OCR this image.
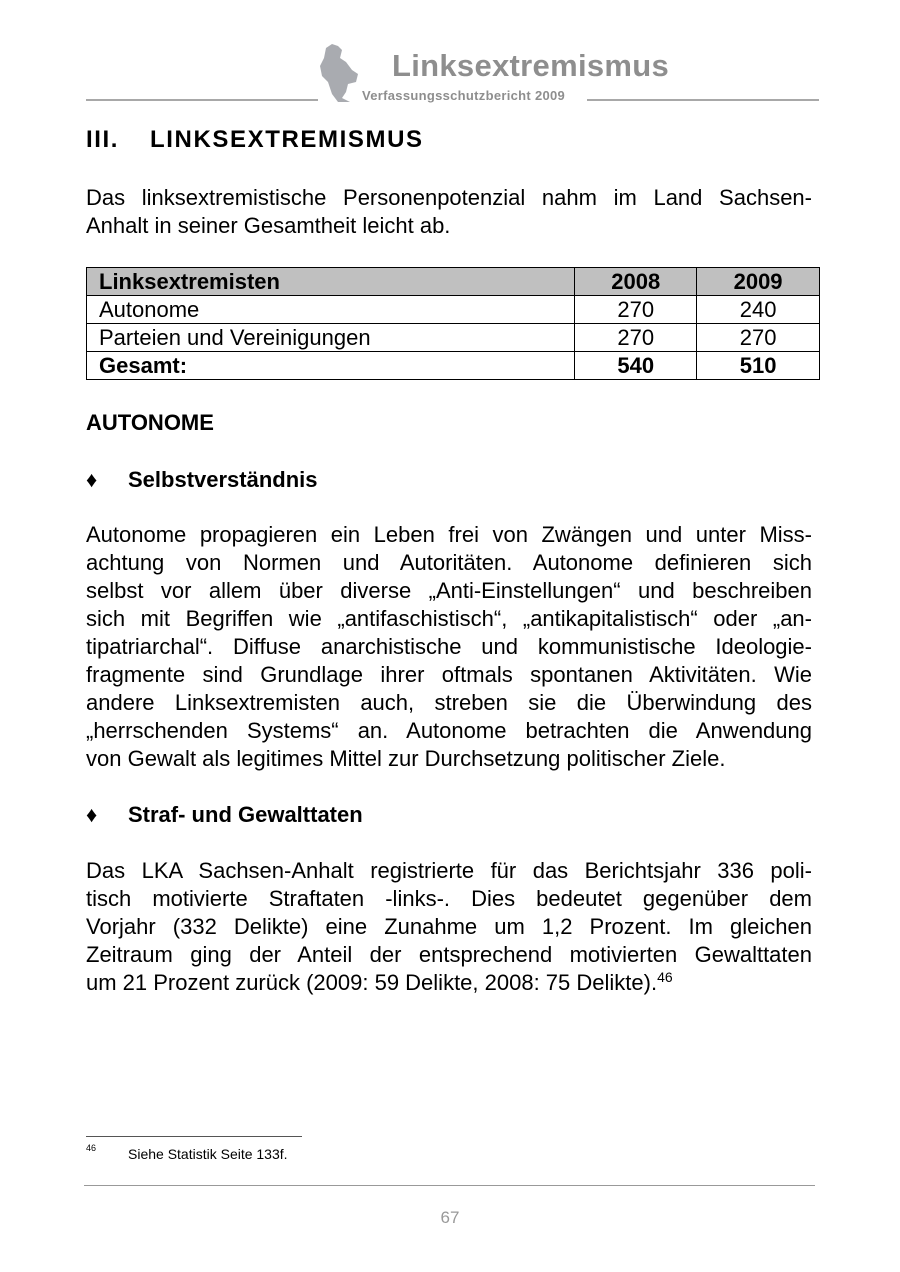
Linksextremismus
Verfassungsschutzbericht 2009
III. LINKSEXTREMISMUS
Das linksextremistische Personenpotenzial nahm im Land Sachsen-
Anhalt in seiner Gesamtheit leicht ab.
Linksextremisten	2008	2009
Autonome	270	240
Parteien und Vereinigungen	270	270
Gesamt:	540	510
AUTONOME
♦ Selbstverständnis
Autonome propagieren ein Leben frei von Zwängen und unter Miss-
achtung von Normen und Autoritäten. Autonome definieren sich
selbst vor allem über diverse „Anti-Einstellungen“ und beschreiben
sich mit Begriffen wie „antifaschistisch“, „antikapitalistisch“ oder „an-
tipatriarchal“. Diffuse anarchistische und kommunistische Ideologie-
fragmente sind Grundlage ihrer oftmals spontanen Aktivitäten. Wie
andere Linksextremisten auch, streben sie die Überwindung des
„herrschenden Systems“ an. Autonome betrachten die Anwendung
von Gewalt als legitimes Mittel zur Durchsetzung politischer Ziele.
♦ Straf- und Gewalttaten
Das LKA Sachsen-Anhalt registrierte für das Berichtsjahr 336 poli-
tisch motivierte Straftaten -links-. Dies bedeutet gegenüber dem
Vorjahr (332 Delikte) eine Zunahme um 1,2 Prozent. Im gleichen
Zeitraum ging der Anteil der entsprechend motivierten Gewalttaten
um 21 Prozent zurück (2009: 59 Delikte, 2008: 75 Delikte).$^{46}$
46 Siehe Statistik Seite 133f.
67
